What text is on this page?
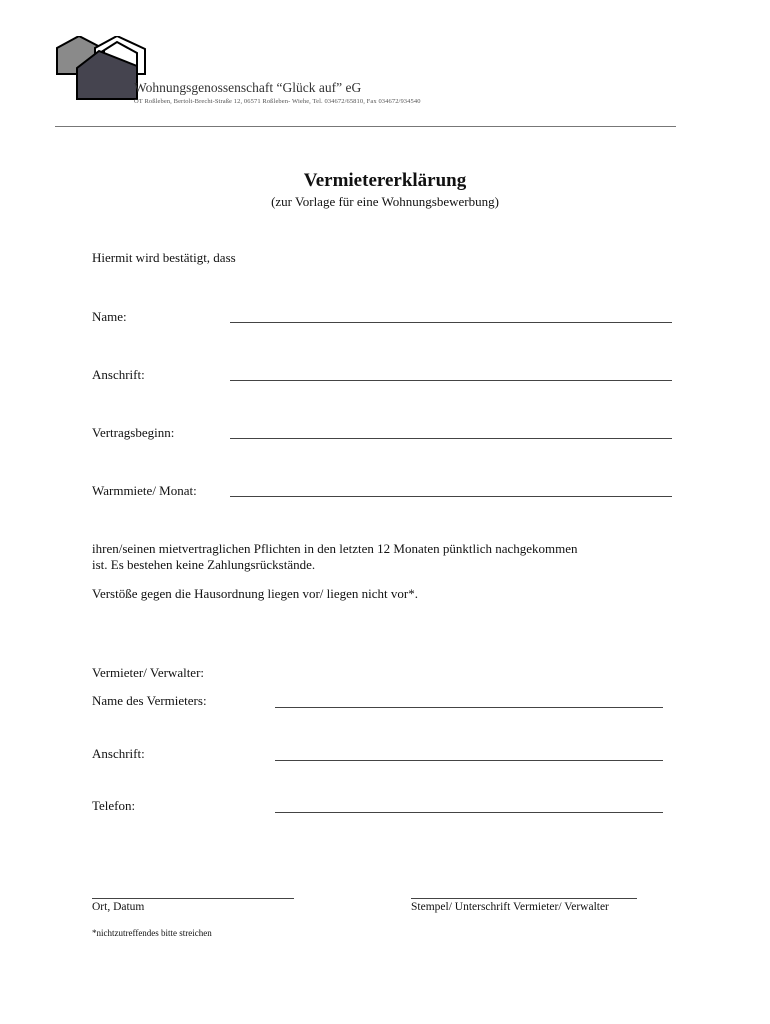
Wohnungsgenossenschaft “Glück auf” eG
OT Roßleben, Bertolt-Brecht-Straße 12, 06571 Roßleben- Wiehe, Tel. 034672/65810, Fax 034672/934540
Vermietererklärung
(zur Vorlage für eine Wohnungsbewerbung)
Hiermit wird bestätigt, dass
Name:
Anschrift:
Vertragsbeginn:
Warmmiete/ Monat:
ihren/seinen mietvertraglichen Pflichten in den letzten 12 Monaten pünktlich nachgekommen
ist. Es bestehen keine Zahlungsrückstände.
Verstöße gegen die Hausordnung liegen vor/ liegen nicht vor*.
Vermieter/ Verwalter:
Name des Vermieters:
Anschrift:
Telefon:
Ort, Datum	Stempel/ Unterschrift Vermieter/ Verwalter
*nichtzutreffendes bitte streichen
